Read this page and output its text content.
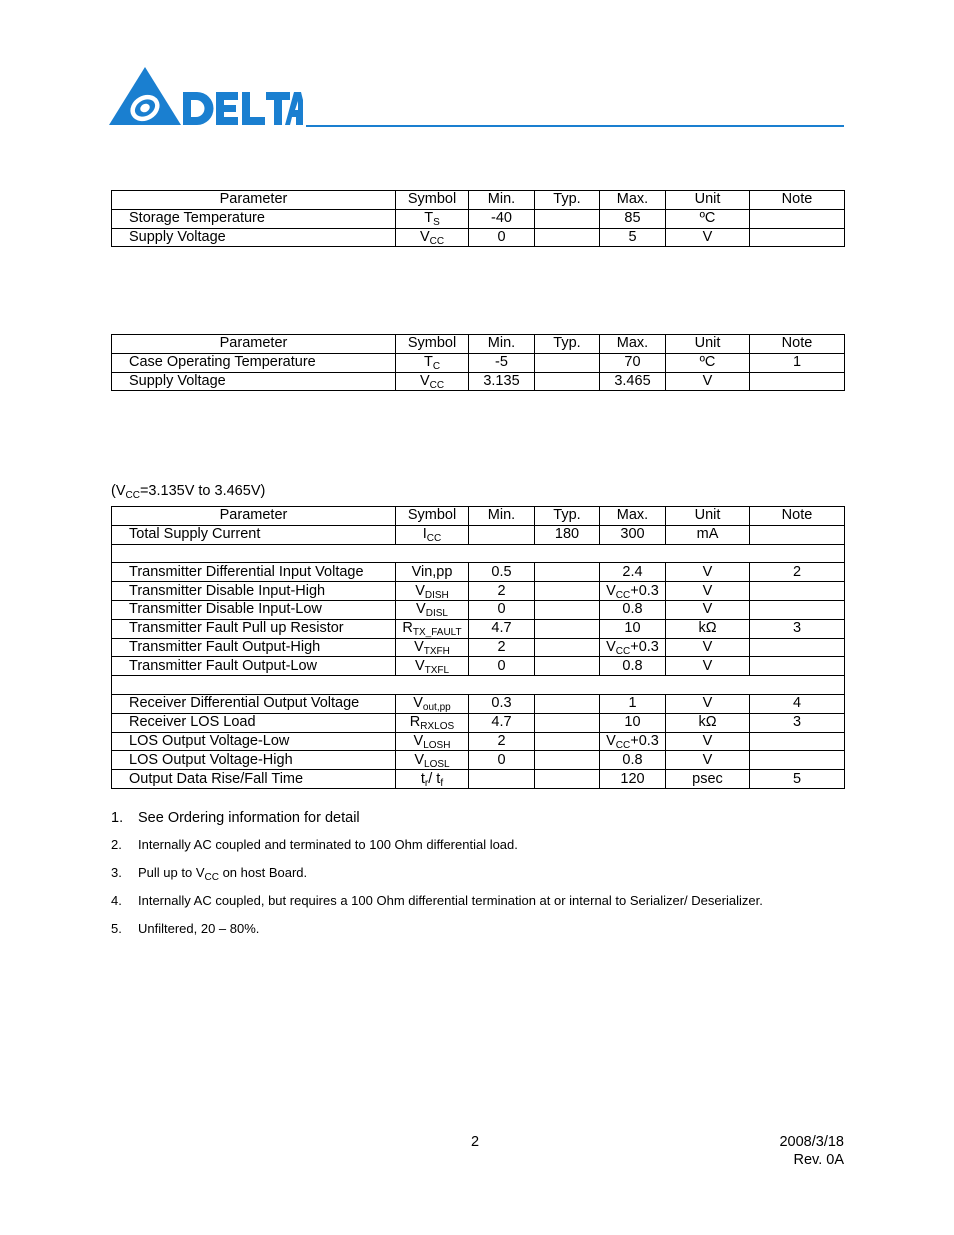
Parameter	Symbol	Min.	Typ.	Max.	Unit	Note
Storage Temperature	$T_S$	-40		85	ºC	
Supply Voltage	$V_{CC}$	0		5	V	
Parameter	Symbol	Min.	Typ.	Max.	Unit	Note
Case Operating Temperature	$T_C$	-5		70	ºC	1
Supply Voltage	$V_{CC}$	3.135		3.465	V	
($V_{CC}=3.135V$ to 3.465V)
Parameter	Symbol	Min.	Typ.	Max.	Unit	Note
Total Supply Current	$I_{CC}$		180	300	mA	

Transmitter Differential Input Voltage	Vin,pp	0.5		2.4	V	2
Transmitter Disable Input-High	$V_{DISH}$	2		$V_{CC}+0.3$	V	
Transmitter Disable Input-Low	$V_{DISL}$	0		0.8	V	
Transmitter Fault Pull up Resistor	$R_{TX\_FAULT}$	4.7		10	kΩ	3
Transmitter Fault Output-High	$V_{TXFH}$	2		$V_{CC}+0.3$	V	
Transmitter Fault Output-Low	$V_{TXFL}$	0		0.8	V	

Receiver Differential Output Voltage	$V_{out,pp}$	0.3		1	V	4
Receiver LOS Load	$R_{RXLOS}$	4.7		10	kΩ	3
LOS Output Voltage-Low	$V_{LOSH}$	2		$V_{CC}+0.3$	V	
LOS Output Voltage-High	$V_{LOSL}$	0		0.8	V	
Output Data Rise/Fall Time	$t_r/$ $t_f$			120	psec	5
1. See Ordering information for detail
2. Internally AC coupled and terminated to 100 Ohm differential load.
3. Pull up to $V_{CC}$ on host Board.
4. Internally AC coupled, but requires a 100 Ohm differential termination at or internal to Serializer/ Deserializer.
5. Unfiltered, 20 – 80%.
2	2008/3/18
Rev. 0A
